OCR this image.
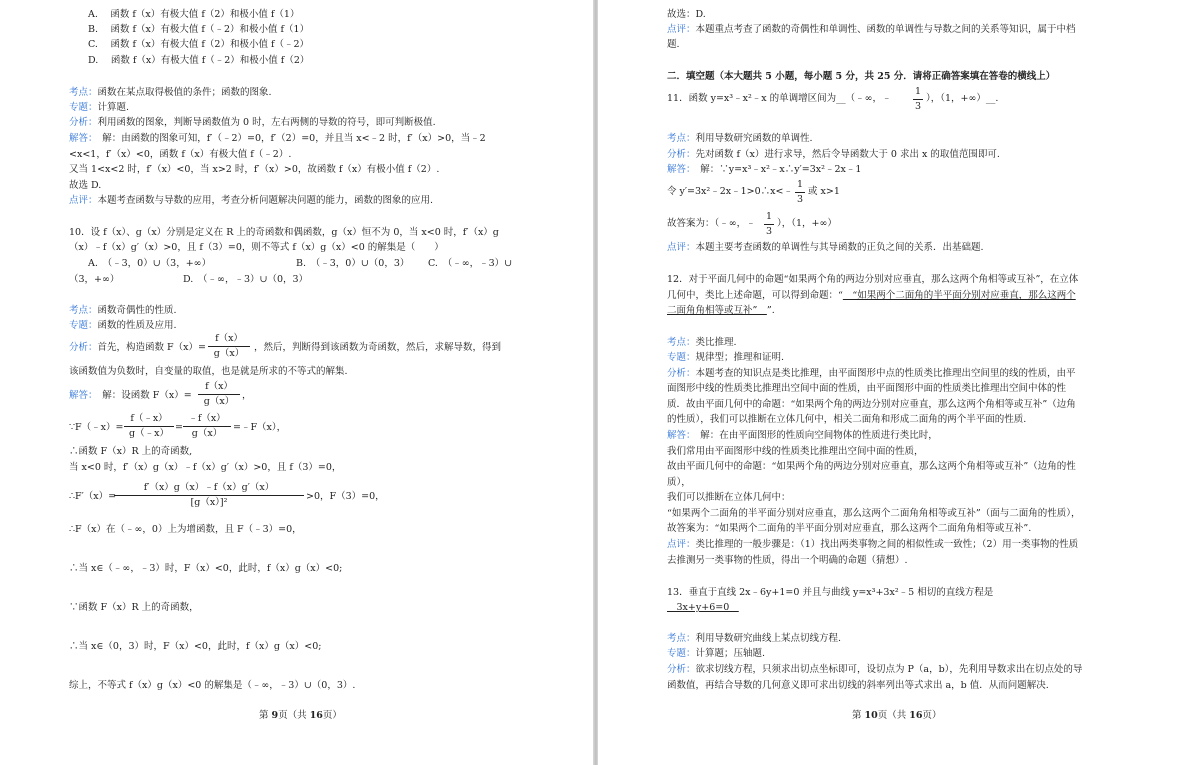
A.　 函数 f（x）有极大值 f（2）和极小值 f（1）
B.　 函数 f（x）有极大值 f（﹣2）和极小值 f（1）
C.　 函数 f（x）有极大值 f（2）和极小值 f（﹣2）
D.　 函数 f（x）有极大值 f（﹣2）和极小值 f（2）
考点：函数在某点取得极值的条件；函数的图象.
专题：计算题.
分析：利用函数的图象，判断导函数值为 0 时，左右两侧的导数的符号，即可判断极值.
解答：　解：由函数的图象可知，f′（﹣2）=0，f′（2）=0，并且当 x<﹣2 时，f′（x）>0，当﹣2
<x<1，f′（x）<0，函数 f（x）有极大值 f（﹣2）.
又当 1<x<2 时，f′（x）<0，当 x>2 时，f′（x）>0，故函数 f（x）有极小值 f（2）.
故选 D.
点评：本题考查函数与导数的应用，考查分析问题解决问题的能力，函数的图象的应用.
10．设 f（x）、g（x）分别是定义在 R 上的奇函数和偶函数，g（x）恒不为 0，当 x<0 时，f′（x）g
（x）﹣f（x）g′（x）>0，且 f（3）=0，则不等式 f（x）g（x）<0 的解集是（　　）
A.　（﹣3，0）∪（3，+∞）	B.　（﹣3，0）∪（0，3） C.　（﹣∞，﹣3）∪
（3，+∞）	D.　（﹣∞，﹣3）∪（0，3）
考点：函数奇偶性的性质.
专题：函数的性质及应用.
分析：首先，构造函数 F（x）=
f（x）
g（x）
，然后，判断得到该函数为奇函数，然后，求解导数，得到
该函数值为负数时，自变量的取值，也是就是所求的不等式的解集.
解答：　解：设函数 F（x）=
f（x）
g（x）
，
∵F（﹣x）=
f（﹣x）
g（﹣x）
=
﹣f（x）
g（x）
=﹣F（x），
∴函数 F（x）R 上的奇函数,
当 x<0 时，f′（x）g（x）﹣f（x）g′（x）>0，且 f（3）=0，
∴F′（x）=
f′（x）g（x）﹣f（x）g′（x）
[g（x）]²
>0，F（3）=0，
∴F（x）在（﹣∞，0）上为增函数，且 F（﹣3）=0，
∴当 x∈（﹣∞，﹣3）时，F（x）<0，此时，f（x）g（x）<0;
∵函数 F（x）R 上的奇函数，
∴当 x∈（0，3）时，F（x）<0，此时，f（x）g（x）<0;
综上，不等式 f（x）g（x）<0 的解集是（﹣∞，﹣3）∪（0，3）.
第 9页（共 16页）
故选：D.
点评：本题重点考查了函数的奇偶性和单调性、函数的单调性与导数之间的关系等知识，属于中档
题.
二．填空题（本大题共 5 小题，每小题 5 分，共 25 分．请将正确答案填在答卷的横线上）
11．函数 y=x³﹣x²﹣x 的单调增区间为__（﹣∞，﹣
1
3
），（1，+∞）__.
考点：利用导数研究函数的单调性.
分析：先对函数 f（x）进行求导，然后令导函数大于 0 求出 x 的取值范围即可.
解答：　解：∵y=x³﹣x²﹣x∴y′=3x²﹣2x﹣1
令 y′=3x²﹣2x﹣1>0∴x<﹣
1
3
或 x>1
故答案为：（﹣∞，﹣
1
3
），（1，+∞）
点评：本题主要考查函数的单调性与其导函数的正负之间的关系．出基础题.
12．对于平面几何中的命题“如果两个角的两边分别对应垂直，那么这两个角相等或互补”，在立体
几何中，类比上述命题，可以得到命题：“　“如果两个二面角的半平面分别对应垂直，那么这两个
二面角角相等或互补”　”.
考点：类比推理.
专题：规律型；推理和证明.
分析：本题考查的知识点是类比推理，由平面图形中点的性质类比推理出空间里的线的性质，由平
面图形中线的性质类比推理出空间中面的性质，由平面图形中面的性质类比推理出空间中体的性
质．故由平面几何中的命题：“如果两个角的两边分别对应垂直，那么这两个角相等或互补”（边角
的性质），我们可以推断在立体几何中，相关二面角和形成二面角的两个半平面的性质.
解答：　解：在由平面图形的性质向空间物体的性质进行类比时，
我们常用由平面图形中线的性质类比推理出空间中面的性质，
故由平面几何中的命题：“如果两个角的两边分别对应垂直，那么这两个角相等或互补”（边角的性
质），
我们可以推断在立体几何中：
“如果两个二面角的半平面分别对应垂直，那么这两个二面角角相等或互补”（面与二面角的性质），
故答案为：“如果两个二面角的半平面分别对应垂直，那么这两个二面角角相等或互补”.
点评：类比推理的一般步骤是：（1）找出两类事物之间的相似性或一致性；（2）用一类事物的性质
去推测另一类事物的性质，得出一个明确的命题（猜想）.
13．垂直于直线 2x﹣6y+1=0 并且与曲线 y=x³+3x²﹣5 相切的直线方程是
　3x+y+6=0　
考点：利用导数研究曲线上某点切线方程.
专题：计算题；压轴题.
分析：欲求切线方程，只须求出切点坐标即可，设切点为 P（a，b），先利用导数求出在切点处的导
函数值，再结合导数的几何意义即可求出切线的斜率列出等式求出 a，b 值．从而问题解决.
第 10页（共 16页）
